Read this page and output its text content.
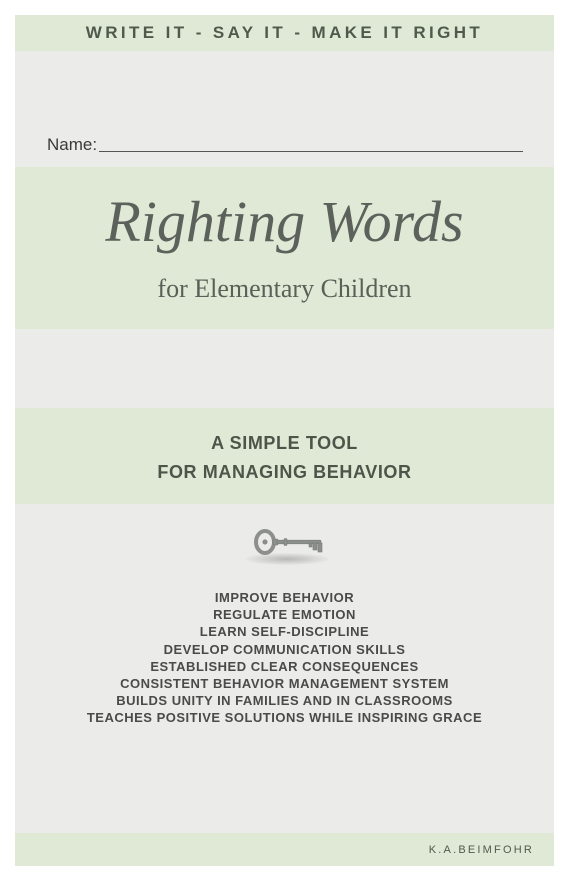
WRITE IT - SAY IT - MAKE IT RIGHT
Name:
Righting Words
for Elementary Children
A SIMPLE TOOL
FOR MANAGING BEHAVIOR
IMPROVE BEHAVIOR
REGULATE EMOTION
LEARN SELF-DISCIPLINE
DEVELOP COMMUNICATION SKILLS
ESTABLISHED CLEAR CONSEQUENCES
CONSISTENT BEHAVIOR MANAGEMENT SYSTEM
BUILDS UNITY IN FAMILIES AND IN CLASSROOMS
TEACHES POSITIVE SOLUTIONS WHILE INSPIRING GRACE
K.A.BEIMFOHR
